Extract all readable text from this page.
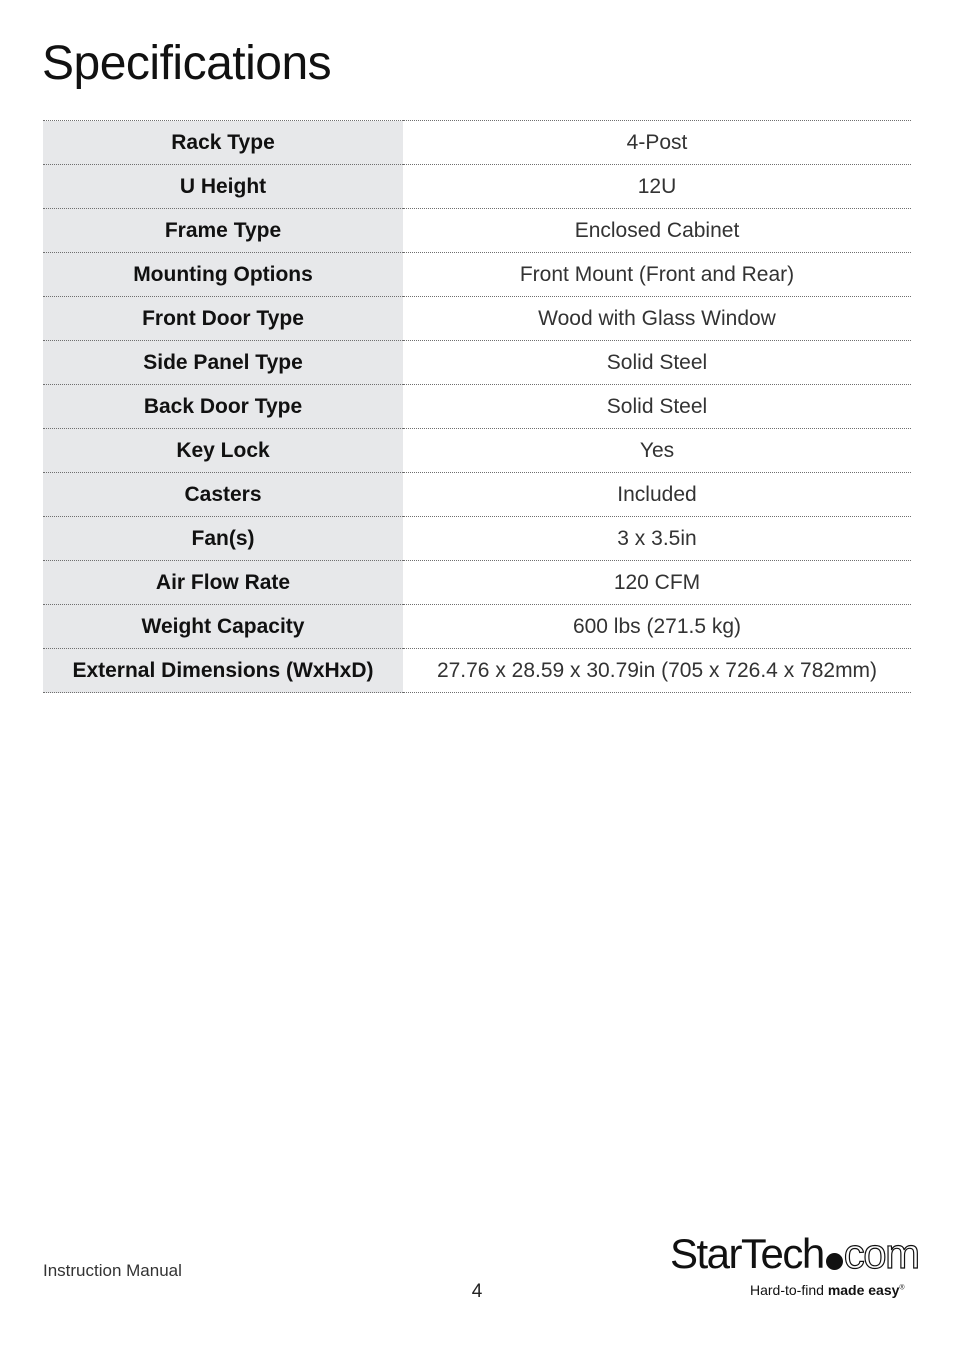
Specifications
Rack Type	4-Post
U Height	12U
Frame Type	Enclosed Cabinet
Mounting Options	Front Mount (Front and Rear)
Front Door Type	Wood with Glass Window
Side Panel Type	Solid Steel
Back Door Type	Solid Steel
Key Lock	Yes
Casters	Included
Fan(s)	3 x 3.5in
Air Flow Rate	120 CFM
Weight Capacity	600 lbs (271.5 kg)
External Dimensions (WxHxD)	27.76 x 28.59 x 30.79in (705 x 726.4 x 782mm)
Instruction Manual
4
StarTech com
Hard-to-find made easy®
